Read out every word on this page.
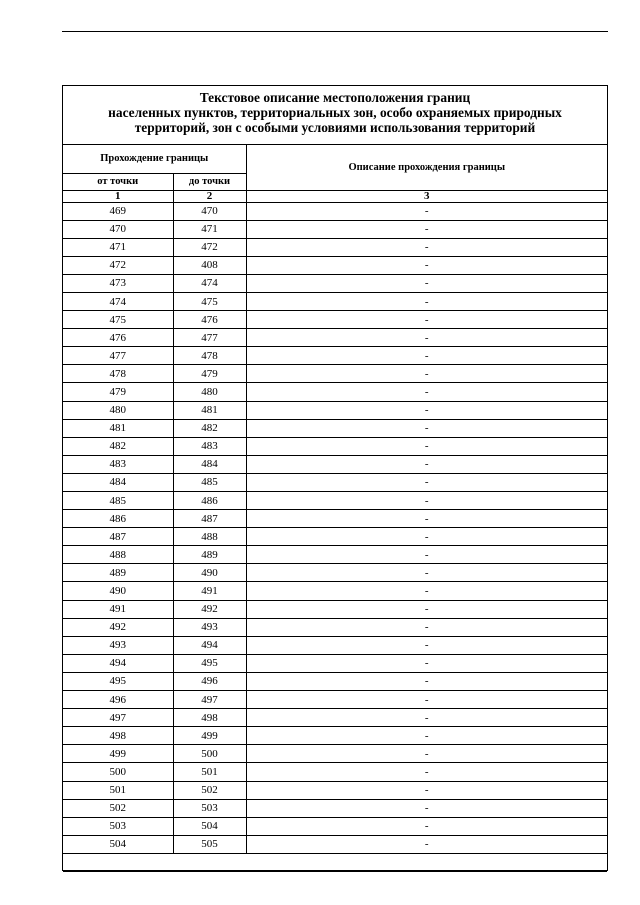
Текстовое описание местоположения границ
населенных пунктов, территориальных зон, особо охраняемых природных
территорий, зон с особыми условиями использования территорий
Прохождение границы		Описание прохождения границы
от точки	до точки	
1	2	3
469	470	-
470	471	-
471	472	-
472	408	-
473	474	-
474	475	-
475	476	-
476	477	-
477	478	-
478	479	-
479	480	-
480	481	-
481	482	-
482	483	-
483	484	-
484	485	-
485	486	-
486	487	-
487	488	-
488	489	-
489	490	-
490	491	-
491	492	-
492	493	-
493	494	-
494	495	-
495	496	-
496	497	-
497	498	-
498	499	-
499	500	-
500	501	-
501	502	-
502	503	-
503	504	-
504	505	-
